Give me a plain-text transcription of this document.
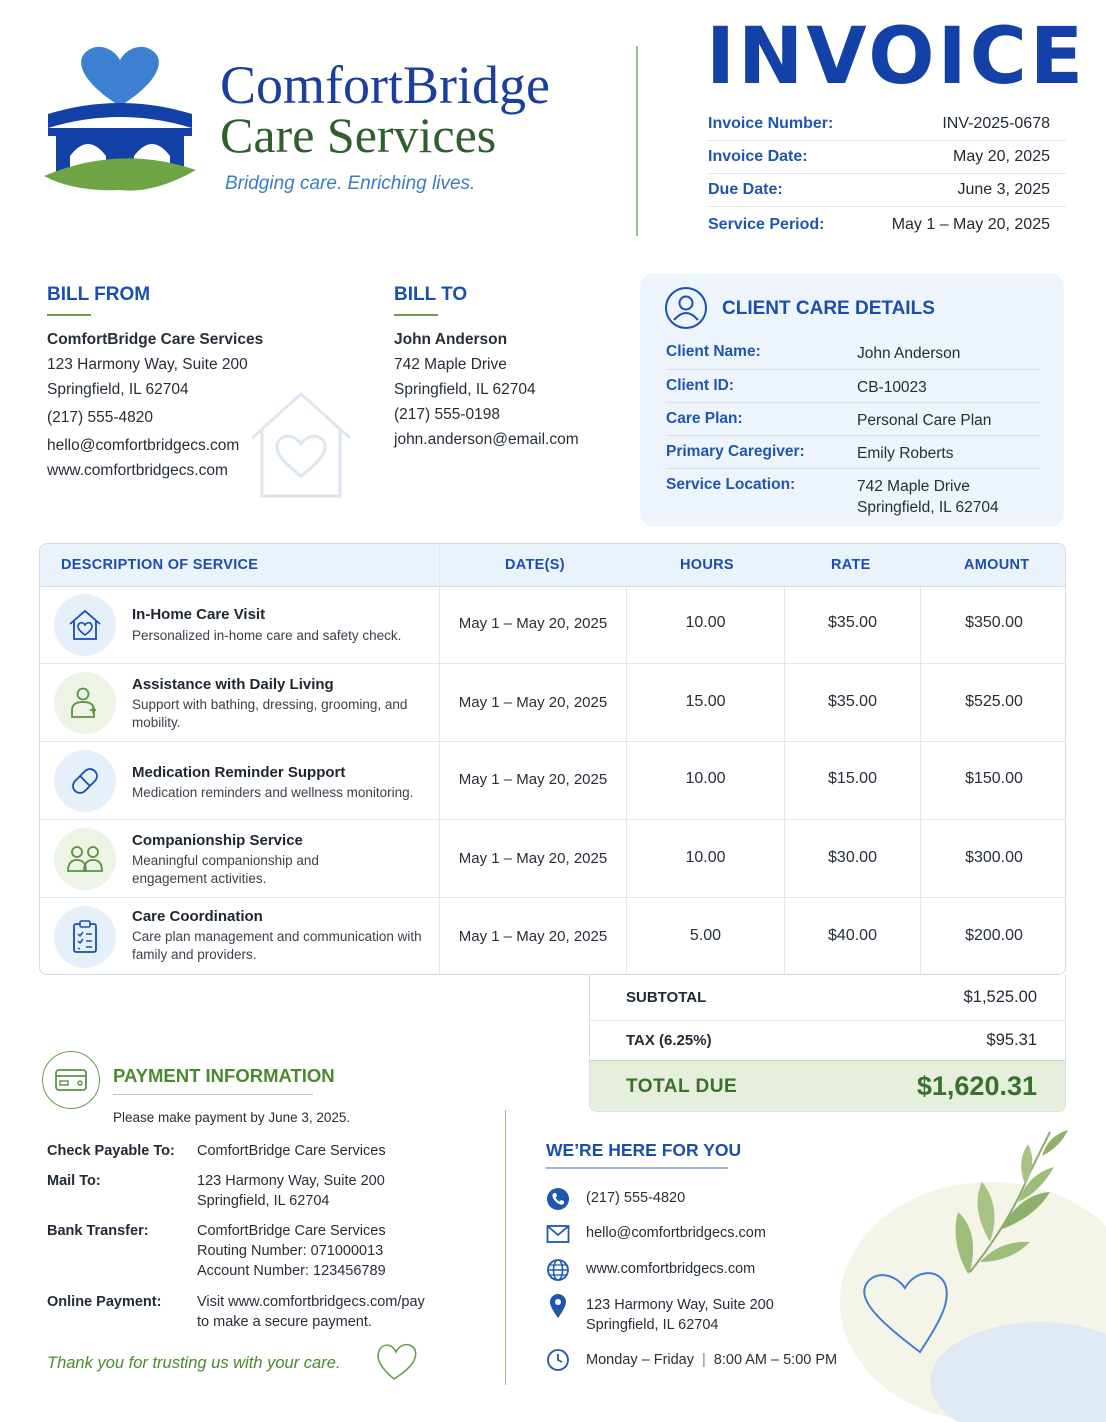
ComfortBridge
Care Services
Bridging care. Enriching lives.
INVOICE
Invoice Number:	INV-2025-0678
Invoice Date:	May 20, 2025
Due Date:	June 3, 2025
Service Period:	May 1 – May 20, 2025
BILL FROM
ComfortBridge Care Services
123 Harmony Way, Suite 200
Springfield, IL 62704
(217) 555-4820
hello@comfortbridgecs.com
www.comfortbridgecs.com
BILL TO
John Anderson
742 Maple Drive
Springfield, IL 62704
(217) 555-0198
john.anderson@email.com
CLIENT CARE DETAILS
Client Name:	John Anderson
Client ID:	CB-10023
Care Plan:	Personal Care Plan
Primary Caregiver:	Emily Roberts
Service Location:	742 Maple Drive
Springfield, IL 62704
DESCRIPTION OF SERVICE	DATE(S)	HOURS	RATE	AMOUNT
In-Home Care Visit
Personalized in-home care and safety check.
May 1 – May 20, 2025	10.00	$35.00	$350.00
Assistance with Daily Living
Support with bathing, dressing, grooming, and mobility.
May 1 – May 20, 2025	15.00	$35.00	$525.00
Medication Reminder Support
Medication reminders and wellness monitoring.
May 1 – May 20, 2025	10.00	$15.00	$150.00
Companionship Service
Meaningful companionship and engagement activities.
May 1 – May 20, 2025	10.00	$30.00	$300.00
Care Coordination
Care plan management and communication with family and providers.
May 1 – May 20, 2025	5.00	$40.00	$200.00
SUBTOTAL	$1,525.00
TAX (6.25%)	$95.31
TOTAL DUE	$1,620.31
PAYMENT INFORMATION
Please make payment by June 3, 2025.
Check Payable To: ComfortBridge Care Services
Mail To:	123 Harmony Way, Suite 200
Springfield, IL 62704
Bank Transfer:	ComfortBridge Care Services
Routing Number: 071000013
Account Number: 123456789
Online Payment: Visit www.comfortbridgecs.com/pay
to make a secure payment.
Thank you for trusting us with your care.
WE’RE HERE FOR YOU
(217) 555-4820
hello@comfortbridgecs.com
www.comfortbridgecs.com
123 Harmony Way, Suite 200
Springfield, IL 62704
Monday – Friday | 8:00 AM – 5:00 PM
